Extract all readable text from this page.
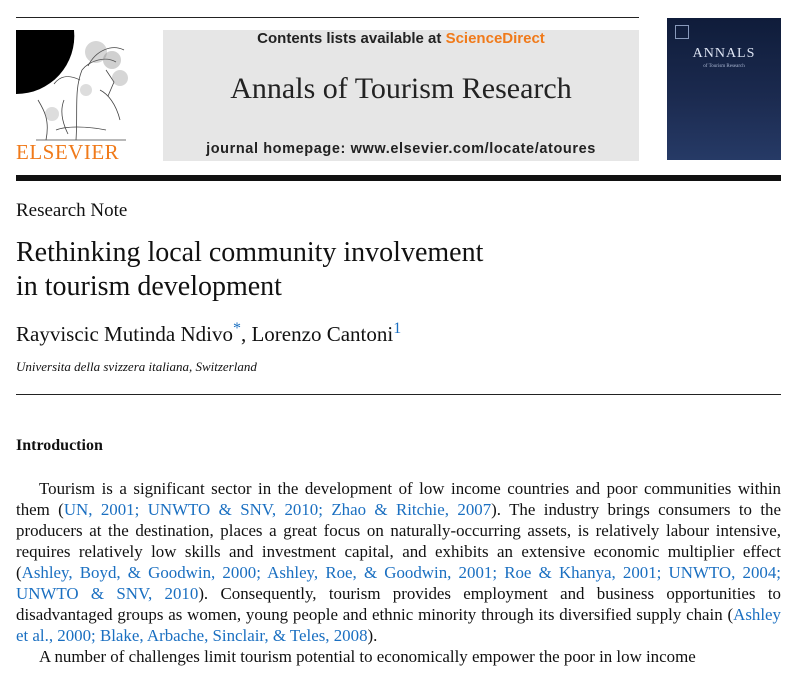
ELSEVIER
Contents lists available at ScienceDirect
Annals of Tourism Research
journal homepage: www.elsevier.com/locate/atoures
ANNALS
of Tourism Research
Research Note
Rethinking local community involvement
in tourism development
Rayviscic Mutinda Ndivo*, Lorenzo Cantoni$^1$
Universita della svizzera italiana, Switzerland
Introduction

Tourism is a significant sector in the development of low income countries and poor communities within them (UN, 2001; UNWTO & SNV, 2010; Zhao & Ritchie, 2007). The industry brings consumers to the producers at the destination, places a great focus on naturally-occurring assets, is relatively labour intensive, requires relatively low skills and investment capital, and exhibits an extensive economic multiplier effect (Ashley, Boyd, & Goodwin, 2000; Ashley, Roe, & Goodwin, 2001; Roe & Khanya, 2001; UNWTO, 2004; UNWTO & SNV, 2010). Consequently, tourism provides employment and business opportunities to disadvantaged groups as women, young people and ethnic minority through its diversified supply chain (Ashley et al., 2000; Blake, Arbache, Sinclair, & Teles, 2008).

A number of challenges limit tourism potential to economically empower the poor in low income
